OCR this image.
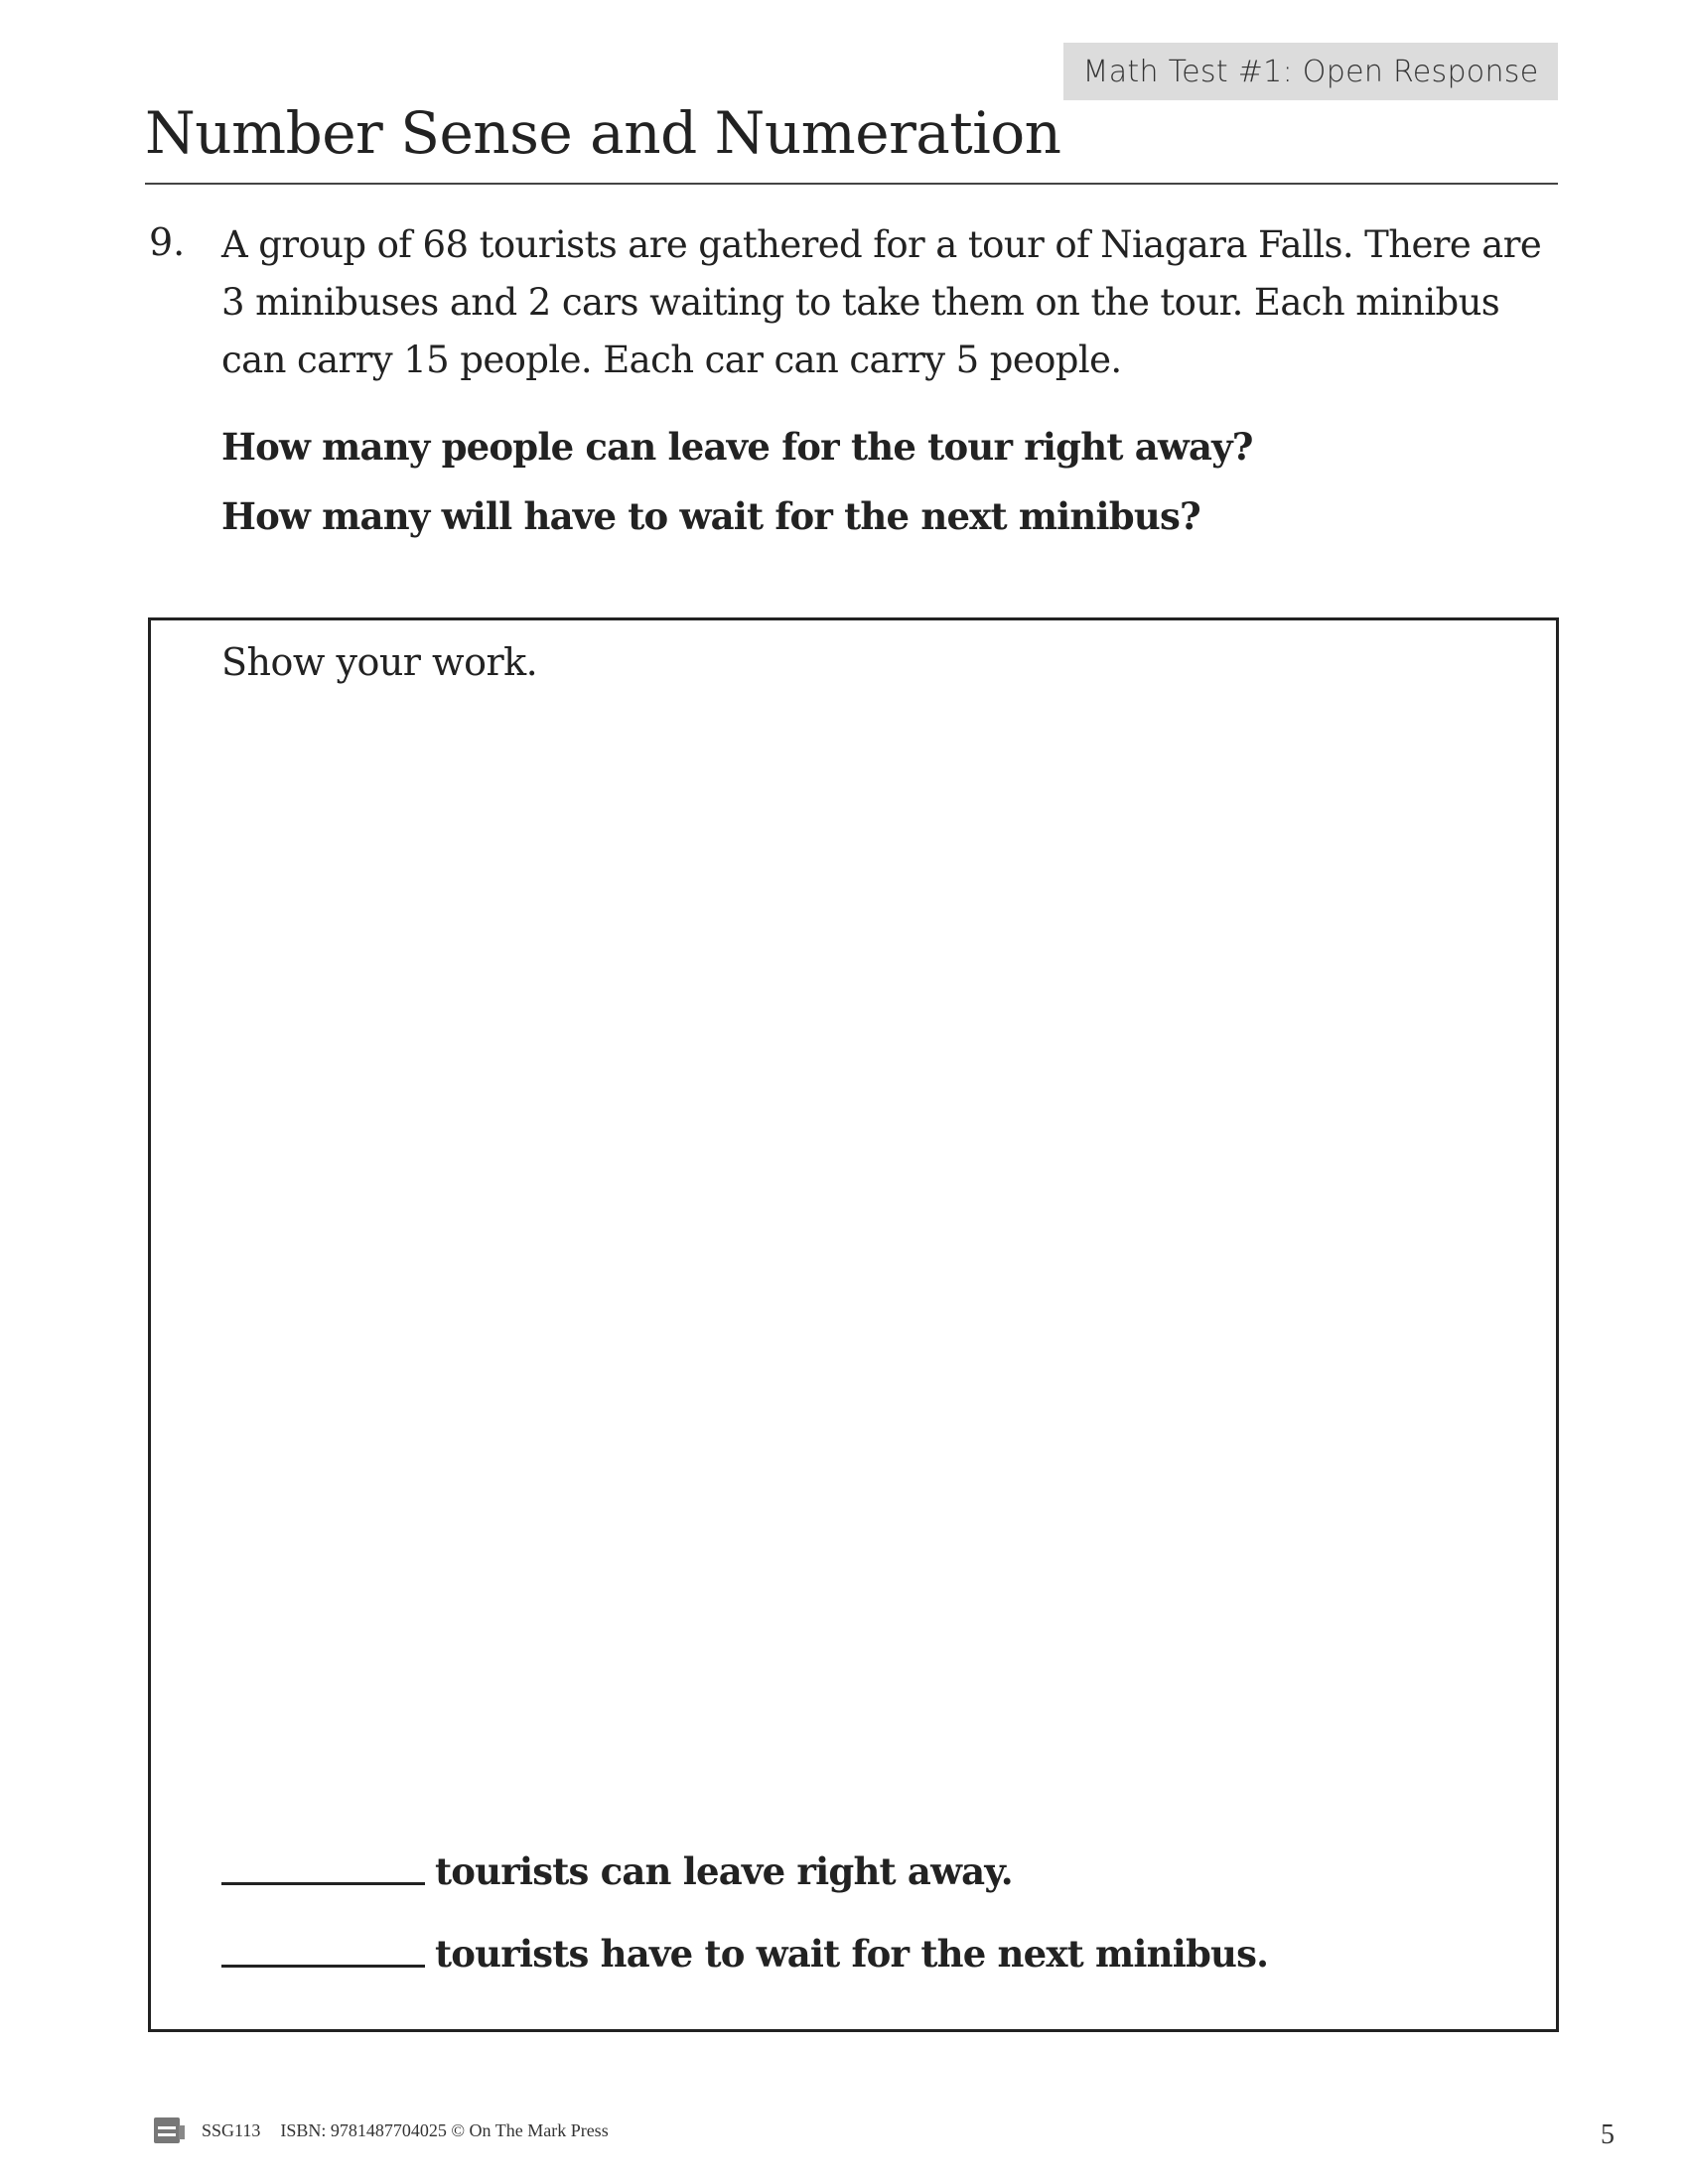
Math Test #1: Open Response
Number Sense and Numeration
9. A group of 68 tourists are gathered for a tour of Niagara Falls. There are

3 minibuses and 2 cars waiting to take them on the tour. Each minibus

can carry 15 people. Each car can carry 5 people.

How many people can leave for the tour right away?
How many will have to wait for the next minibus?
Show your work.
tourists can leave right away.
tourists have to wait for the next minibus.
SSG113 ISBN: 9781487704025 © On The Mark Press	5
